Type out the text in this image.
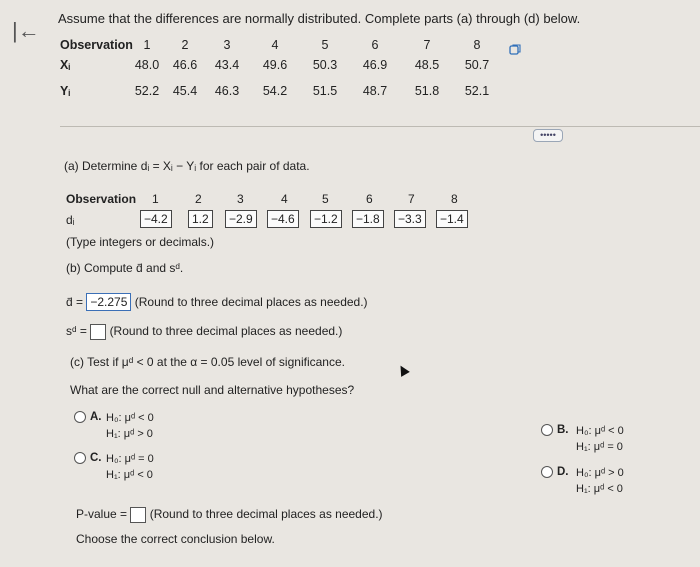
|← Assume that the differences are normally distributed. Complete parts (a) through (d) below.
Observation 1	2	3	4	5	6	7	8
Xᵢ	48.0	46.6	43.4	49.6	50.3	46.9	48.5	50.7
Yᵢ	52.2	45.4	46.3	54.2	51.5	48.7	51.8	52.1
•••••
(a) Determine dᵢ = Xᵢ − Yᵢ for each pair of data.
Observation 1	2	3	4	5	6	7	8
dᵢ	−4.2	1.2	−2.9	−4.6	−1.2	−1.8	−3.3	−1.4
(Type integers or decimals.)
(b) Compute d̄ and sᵈ.
d̄ = −2.275 (Round to three decimal places as needed.)
sᵈ = (Round to three decimal places as needed.)
(c) Test if μᵈ < 0 at the α = 0.05 level of significance.
What are the correct null and alternative hypotheses?
A. H₀: μᵈ < 0
H₁: μᵈ > 0	B. H₀: μᵈ < 0
H₁: μᵈ = 0
C. H₀: μᵈ = 0
H₁: μᵈ < 0	D. H₀: μᵈ > 0
H₁: μᵈ < 0
P-value = (Round to three decimal places as needed.)
Choose the correct conclusion below.
